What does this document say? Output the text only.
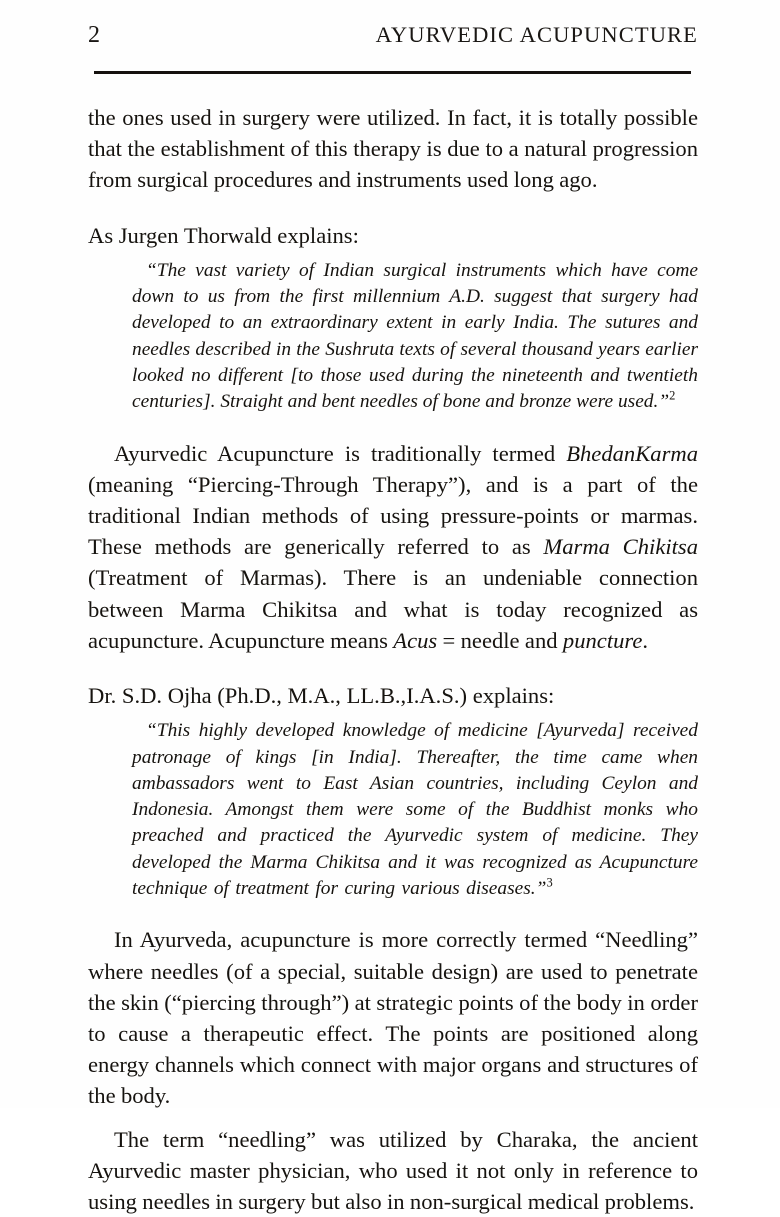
2	AYURVEDIC ACUPUNCTURE

the ones used in surgery were utilized. In fact, it is totally possible that the establishment of this therapy is due to a natural progression from surgical procedures and instruments used long ago.

As Jurgen Thorwald explains:

“The vast variety of Indian surgical instruments which have come down to us from the first millennium A.D. suggest that surgery had developed to an extraordinary extent in early India. The sutures and needles described in the Sushruta texts of several thousand years earlier looked no different [to those used during the nineteenth and twentieth centuries]. Straight and bent needles of bone and bronze were used.”$^2$

Ayurvedic Acupuncture is traditionally termed BhedanKarma (meaning “Piercing-Through Therapy”), and is a part of the traditional Indian methods of using pressure-points or marmas. These methods are generically referred to as Marma Chikitsa (Treatment of Marmas). There is an undeniable connection between Marma Chikitsa and what is today recognized as acupuncture. Acupuncture means Acus = needle and puncture.

Dr. S.D. Ojha (Ph.D., M.A., LL.B.,I.A.S.) explains:

“This highly developed knowledge of medicine [Ayurveda] received patronage of kings [in India]. Thereafter, the time came when ambassadors went to East Asian countries, including Ceylon and Indonesia. Amongst them were some of the Buddhist monks who preached and practiced the Ayurvedic system of medicine. They developed the Marma Chikitsa and it was recognized as Acupuncture technique of treatment for curing various diseases.”$^3$

In Ayurveda, acupuncture is more correctly termed “Needling” where needles (of a special, suitable design) are used to penetrate the skin (“piercing through”) at strategic points of the body in order to cause a therapeutic effect. The points are positioned along energy channels which connect with major organs and structures of the body.

The term “needling” was utilized by Charaka, the ancient Ayurvedic master physician, who used it not only in reference to using needles in surgery but also in non-surgical medical problems.
